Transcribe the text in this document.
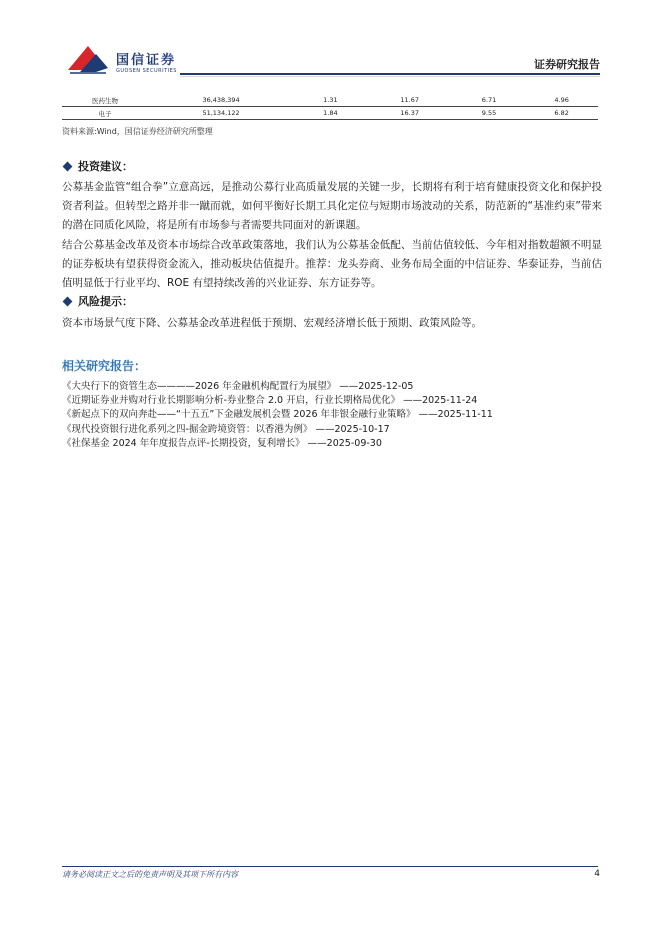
国信证券
GUOSEN SECURITIES	证券研究报告
医药生物	36,438,394	1.31	11.67	6.71	4.96
电子	51,134,122	1.84	16.37	9.55	6.82
资料来源:Wind，国信证券经济研究所整理
投资建议：
公募基金监管“组合拳”立意高远，是推动公募行业高质量发展的关键一步，长期将有利于培育健康投资文化和保护投资者利益。但转型之路并非一蹴而就，如何平衡好长期工具化定位与短期市场波动的关系，防范新的“基准约束”带来的潜在同质化风险，将是所有市场参与者需要共同面对的新课题。
结合公募基金改革及资本市场综合改革政策落地，我们认为公募基金低配、当前估值较低、今年相对指数超额不明显的证券板块有望获得资金流入，推动板块估值提升。推荐：龙头券商、业务布局全面的中信证券、华泰证券，当前估值明显低于行业平均、ROE 有望持续改善的兴业证券、东方证券等。
风险提示：
资本市场景气度下降、公募基金改革进程低于预期、宏观经济增长低于预期、政策风险等。
相关研究报告：
《大央行下的资管生态————2026 年金融机构配置行为展望》 ——2025-12-05
《近期证券业并购对行业长期影响分析-券业整合 2.0 开启，行业长期格局优化》 ——2025-11-24
《新起点下的双向奔赴——“十五五”下金融发展机会暨 2026 年非银金融行业策略》 ——2025-11-11
《现代投资银行进化系列之四-掘金跨境资管：以香港为例》 ——2025-10-17
《社保基金 2024 年年度报告点评-长期投资，复利增长》 ——2025-09-30
请务必阅读正文之后的免责声明及其项下所有内容	4
